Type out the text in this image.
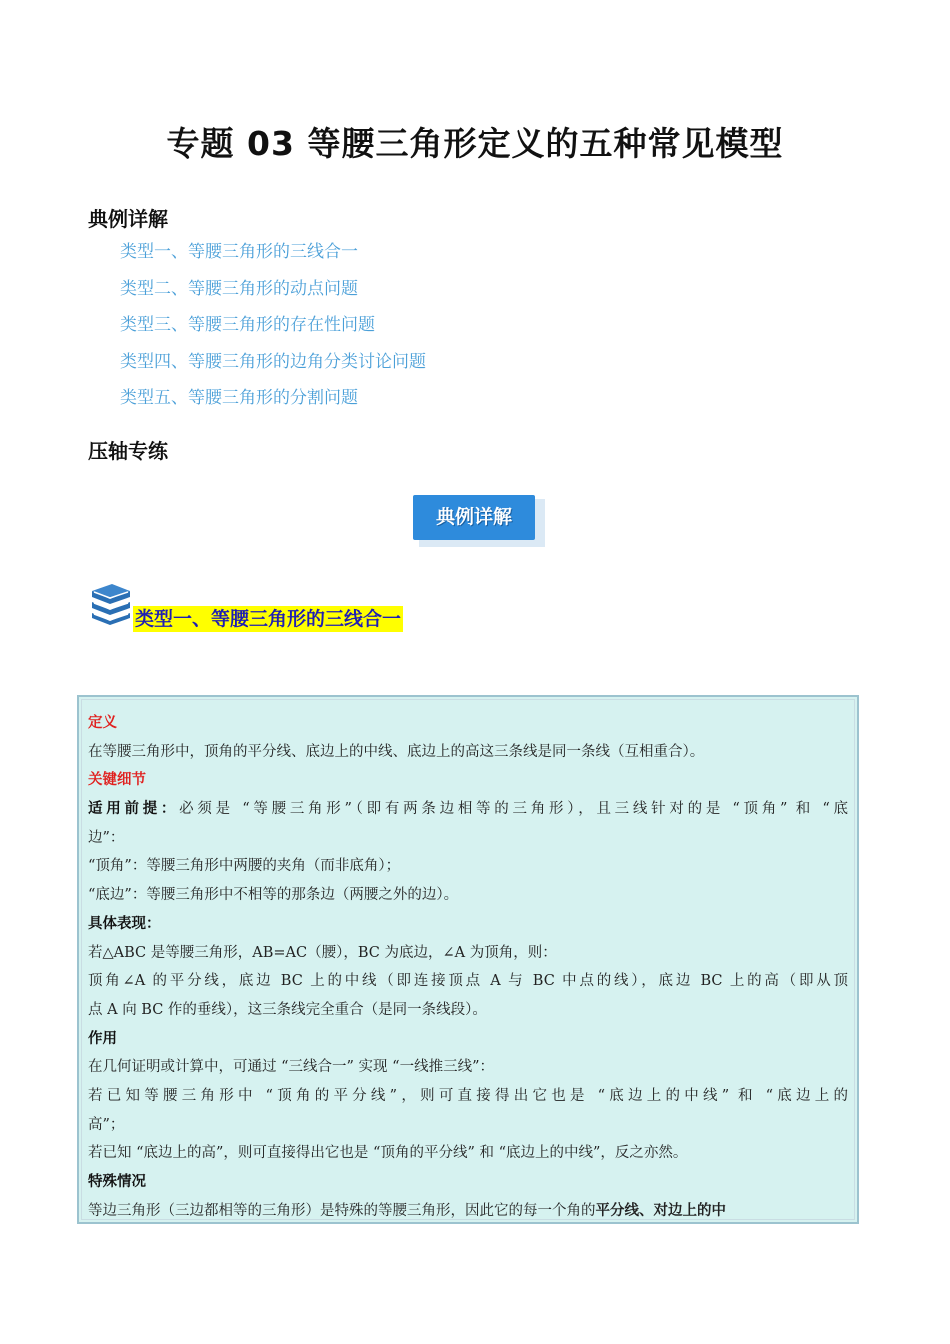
专题 03 等腰三角形定义的五种常见模型
典例详解
类型一、等腰三角形的三线合一
类型二、等腰三角形的动点问题
类型三、等腰三角形的存在性问题
类型四、等腰三角形的边角分类讨论问题
类型五、等腰三角形的分割问题
压轴专练
典例详解
类型一、等腰三角形的三线合一
定义
在等腰三角形中，顶角的平分线、底边上的中线、底边上的高这三条线是同一条线（互相重合）。
关键细节
适用前提：必须是 “等腰三角形”（即有两条边相等的三角形），且三线针对的是 “顶角” 和 “底
边”：
“顶角”：等腰三角形中两腰的夹角（而非底角）；
“底边”：等腰三角形中不相等的那条边（两腰之外的边）。
具体表现：
若△ABC 是等腰三角形，AB=AC（腰），BC 为底边，∠A 为顶角，则：
顶角∠A 的平分线，底边 BC 上的中线（即连接顶点 A 与 BC 中点的线），底边 BC 上的高（即从顶
点 A 向 BC 作的垂线），这三条线完全重合（是同一条线段）。
作用
在几何证明或计算中，可通过 “三线合一” 实现 “一线推三线”：
若已知等腰三角形中 “顶角的平分线”，则可直接得出它也是 “底边上的中线” 和 “底边上的
高”；
若已知 “底边上的高”，则可直接得出它也是 “顶角的平分线” 和 “底边上的中线”，反之亦然。
特殊情况
等边三角形（三边都相等的三角形）是特殊的等腰三角形，因此它的每一个角的平分线、对边上的中
